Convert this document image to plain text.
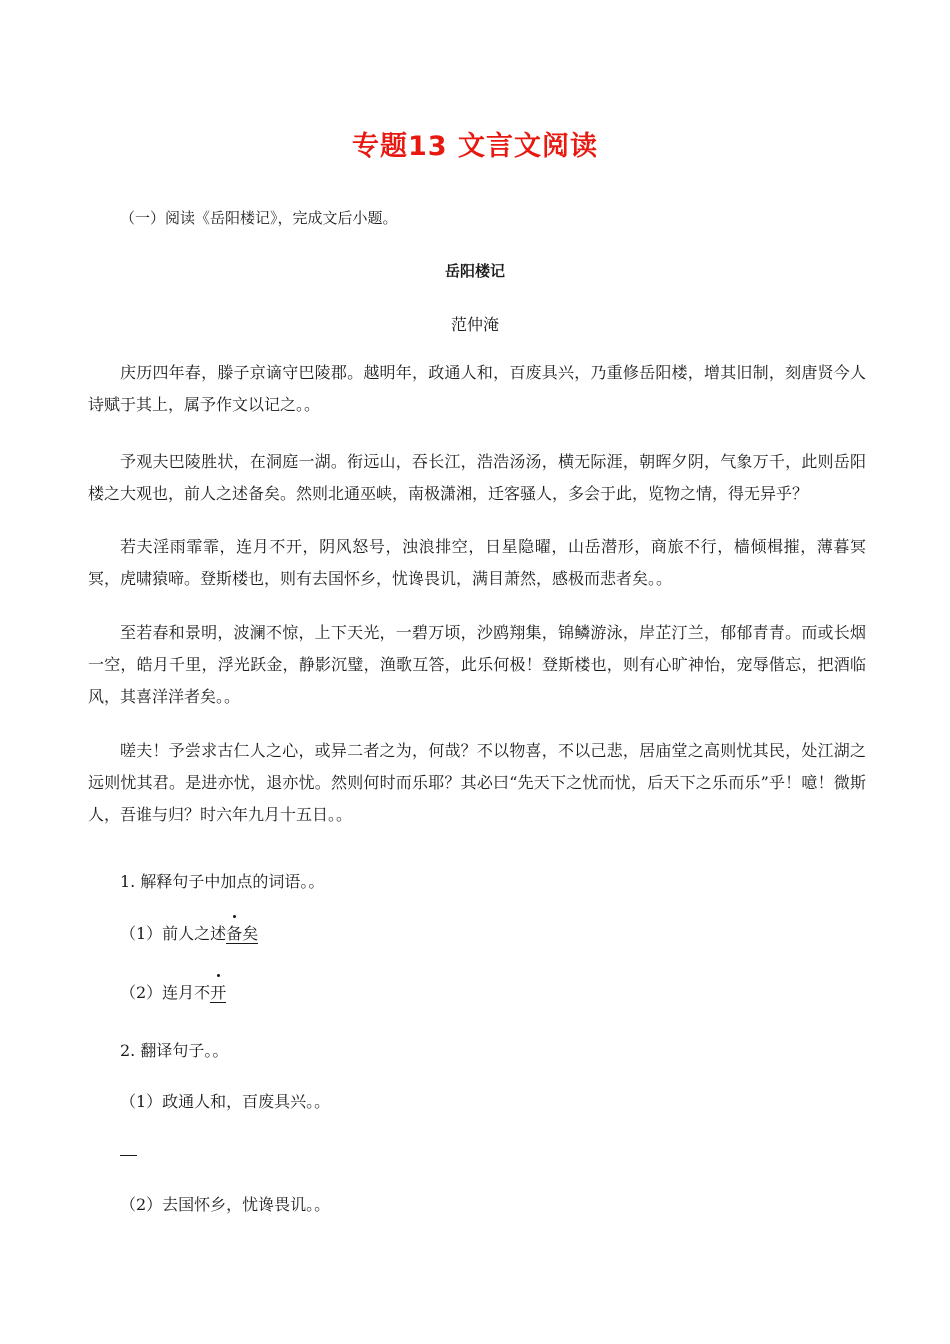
专题13 文言文阅读
（一）阅读《岳阳楼记》，完成文后小题。
岳阳楼记
范仲淹
庆历四年春，滕子京谪守巴陵郡。越明年，政通人和，百废具兴，乃重修岳阳楼，增其旧制，刻唐贤今人诗赋于其上，属予作文以记之。。
予观夫巴陵胜状，在洞庭一湖。衔远山，吞长江，浩浩汤汤，横无际涯，朝晖夕阴，气象万千，此则岳阳楼之大观也，前人之述备矣。然则北通巫峡，南极潇湘，迁客骚人，多会于此，览物之情，得无异乎？
若夫淫雨霏霏，连月不开，阴风怒号，浊浪排空，日星隐曜，山岳潜形，商旅不行，樯倾楫摧，薄暮冥冥，虎啸猿啼。登斯楼也，则有去国怀乡，忧谗畏讥，满目萧然，感极而悲者矣。。
至若春和景明，波澜不惊，上下天光，一碧万顷，沙鸥翔集，锦鳞游泳，岸芷汀兰，郁郁青青。而或长烟一空，皓月千里，浮光跃金，静影沉璧，渔歌互答，此乐何极！登斯楼也，则有心旷神怡，宠辱偕忘，把酒临风，其喜洋洋者矣。。
嗟夫！予尝求古仁人之心，或异二者之为，何哉？不以物喜，不以己悲，居庙堂之高则忧其民，处江湖之远则忧其君。是进亦忧，退亦忧。然则何时而乐耶？其必曰“先天下之忧而忧，后天下之乐而乐”乎！噫！微斯人，吾谁与归？时六年九月十五日。。
1. 解释句子中加点的词语。。
（1）前人之述备矣
（2）连月不开
2. 翻译句子。。
（1）政通人和，百废具兴。。
（2）去国怀乡，忧谗畏讥。。
